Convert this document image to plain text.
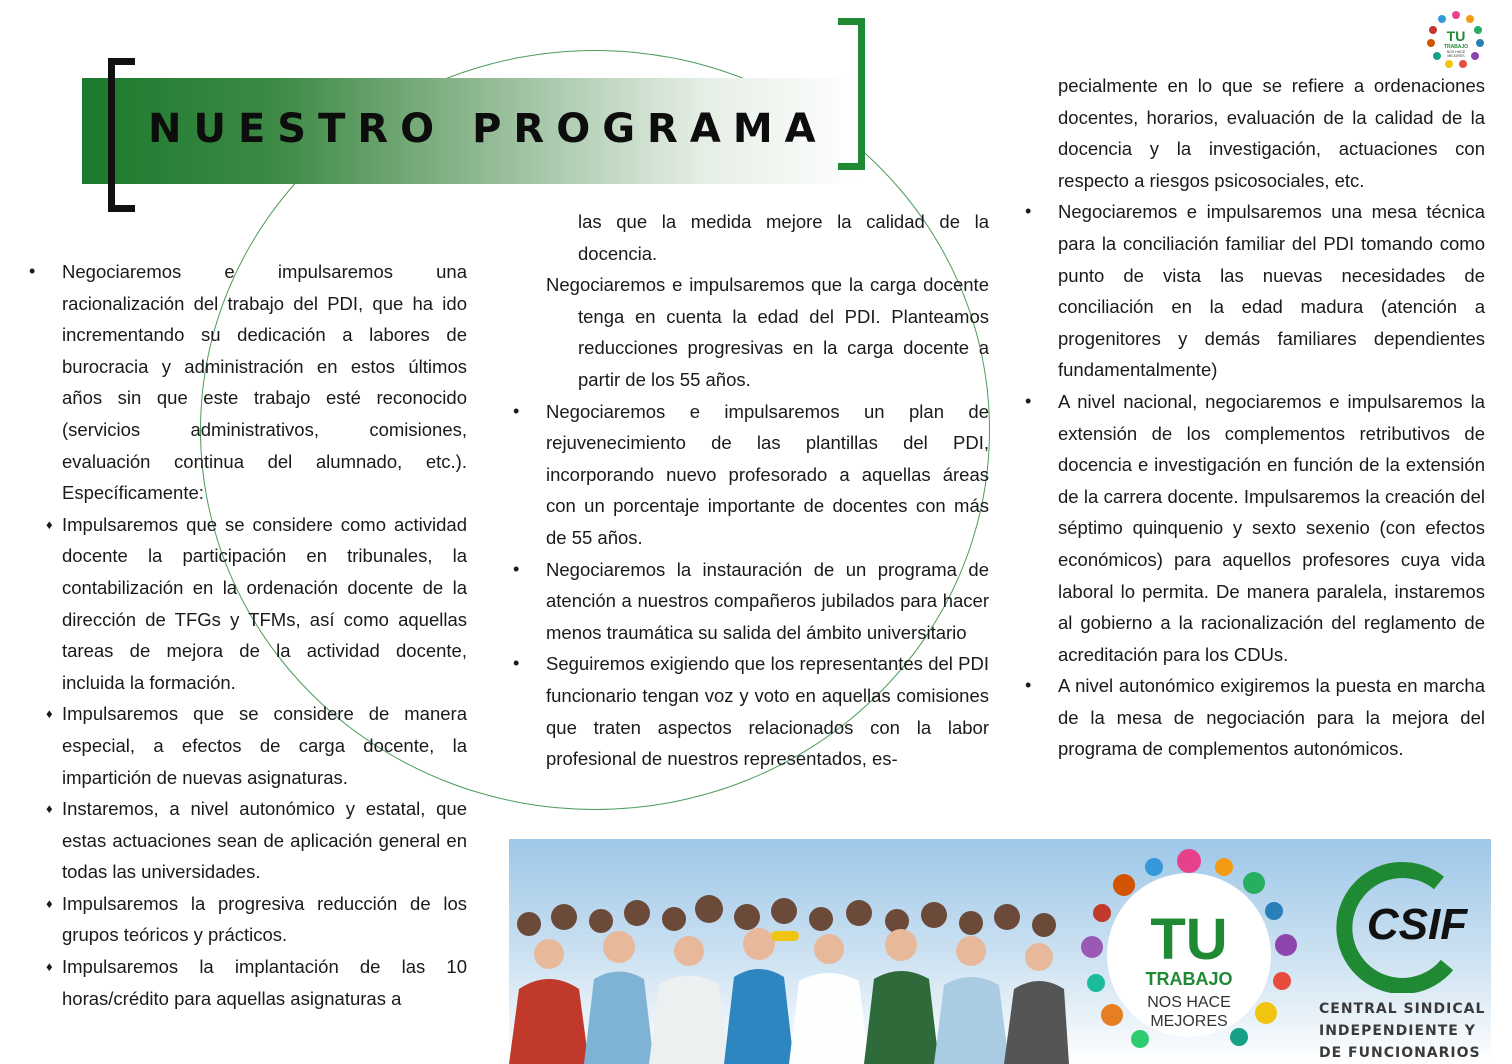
NUESTRO PROGRAMA
TU
TRABAJO
NOS HACE
MEJORES

• Negociaremos e impulsaremos una racionalización del trabajo del PDI, que ha ido incrementando su dedicación a labores de burocracia y administración en estos últimos años sin que este trabajo esté reconocido (servicios administrativos, comisiones, evaluación continua del alumnado, etc.). Específicamente:

♦ Impulsaremos que se considere como actividad docente la participación en tribunales, la contabilización en la ordenación docente de la dirección de TFGs y TFMs, así como aquellas tareas de mejora de la actividad docente, incluida la formación.

♦ Impulsaremos que se considere de manera especial, a efectos de carga docente, la impartición de nuevas asignaturas.

♦ Instaremos, a nivel autonómico y estatal, que estas actuaciones sean de aplicación general en todas las universidades.

♦ Impulsaremos la progresiva reducción de los grupos teóricos y prácticos.

♦ Impulsaremos la implantación de las 10 horas/crédito para aquellas asignaturas a

las que la medida mejore la calidad de la docencia.

Negociaremos e impulsaremos que la carga docente tenga en cuenta la edad del PDI. Planteamos reducciones progresivas en la carga docente a partir de los 55 años.

• Negociaremos e impulsaremos un plan de rejuvenecimiento de las plantillas del PDI, incorporando nuevo profesorado a aquellas áreas con un porcentaje importante de docentes con más de 55 años.

• Negociaremos la instauración de un programa de atención a nuestros compañeros jubilados para hacer menos traumática su salida del ámbito universitario

• Seguiremos exigiendo que los representantes del PDI funcionario tengan voz y voto en aquellas comisiones que traten aspectos relacionados con la labor profesional de nuestros representados, es-

pecialmente en lo que se refiere a ordenaciones docentes, horarios, evaluación de la calidad de la docencia y la investigación, actuaciones con respecto a riesgos psicosociales, etc.

• Negociaremos e impulsaremos una mesa técnica para la conciliación familiar del PDI tomando como punto de vista las nuevas necesidades de conciliación en la edad madura (atención a progenitores y demás familiares dependientes fundamentalmente)

• A nivel nacional, negociaremos e impulsaremos la extensión de los complementos retributivos de docencia e investigación en función de la extensión de la carrera docente. Impulsaremos la creación del séptimo quinquenio y sexto sexenio (con efectos económicos) para aquellos profesores cuya vida laboral lo permita. De manera paralela, instaremos al gobierno a la racionalización del reglamento de acreditación para los CDUs.

• A nivel autonómico exigiremos la puesta en marcha de la mesa de negociación para la mejora del programa de complementos autonómicos.

TU
TRABAJO
NOS HACE
MEJORES
CSIF
CENTRAL SINDICAL
INDEPENDIENTE Y
DE FUNCIONARIOS
